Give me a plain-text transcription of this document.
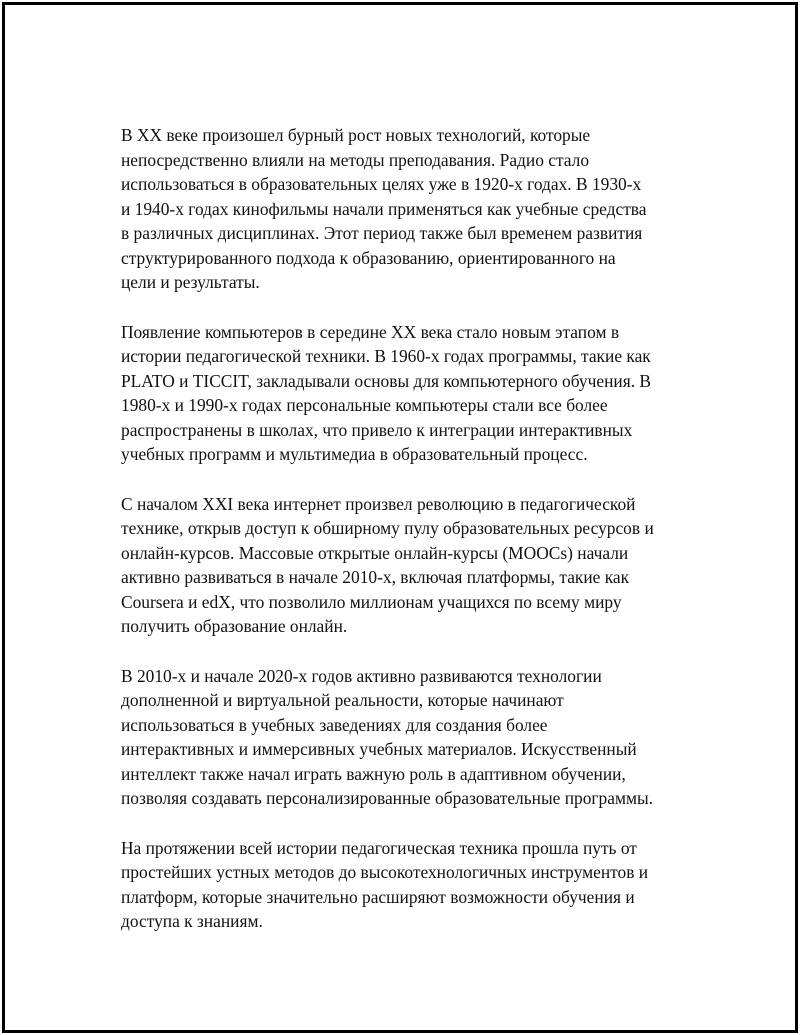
В XX веке произошел бурный рост новых технологий, которые
непосредственно влияли на методы преподавания. Радио стало
использоваться в образовательных целях уже в 1920-х годах. В 1930-х
и 1940-х годах кинофильмы начали применяться как учебные средства
в различных дисциплинах. Этот период также был временем развития
структурированного подхода к образованию, ориентированного на
цели и результаты.

Появление компьютеров в середине XX века стало новым этапом в
истории педагогической техники. В 1960-х годах программы, такие как
PLATO и TICCIT, закладывали основы для компьютерного обучения. В
1980-х и 1990-х годах персональные компьютеры стали все более
распространены в школах, что привело к интеграции интерактивных
учебных программ и мультимедиа в образовательный процесс.

С началом XXI века интернет произвел революцию в педагогической
технике, открыв доступ к обширному пулу образовательных ресурсов и
онлайн-курсов. Массовые открытые онлайн-курсы (MOOCs) начали
активно развиваться в начале 2010-х, включая платформы, такие как
Coursera и edX, что позволило миллионам учащихся по всему миру
получить образование онлайн.

В 2010-х и начале 2020-х годов активно развиваются технологии
дополненной и виртуальной реальности, которые начинают
использоваться в учебных заведениях для создания более
интерактивных и иммерсивных учебных материалов. Искусственный
интеллект также начал играть важную роль в адаптивном обучении,
позволяя создавать персонализированные образовательные программы.

На протяжении всей истории педагогическая техника прошла путь от
простейших устных методов до высокотехнологичных инструментов и
платформ, которые значительно расширяют возможности обучения и
доступа к знаниям.
